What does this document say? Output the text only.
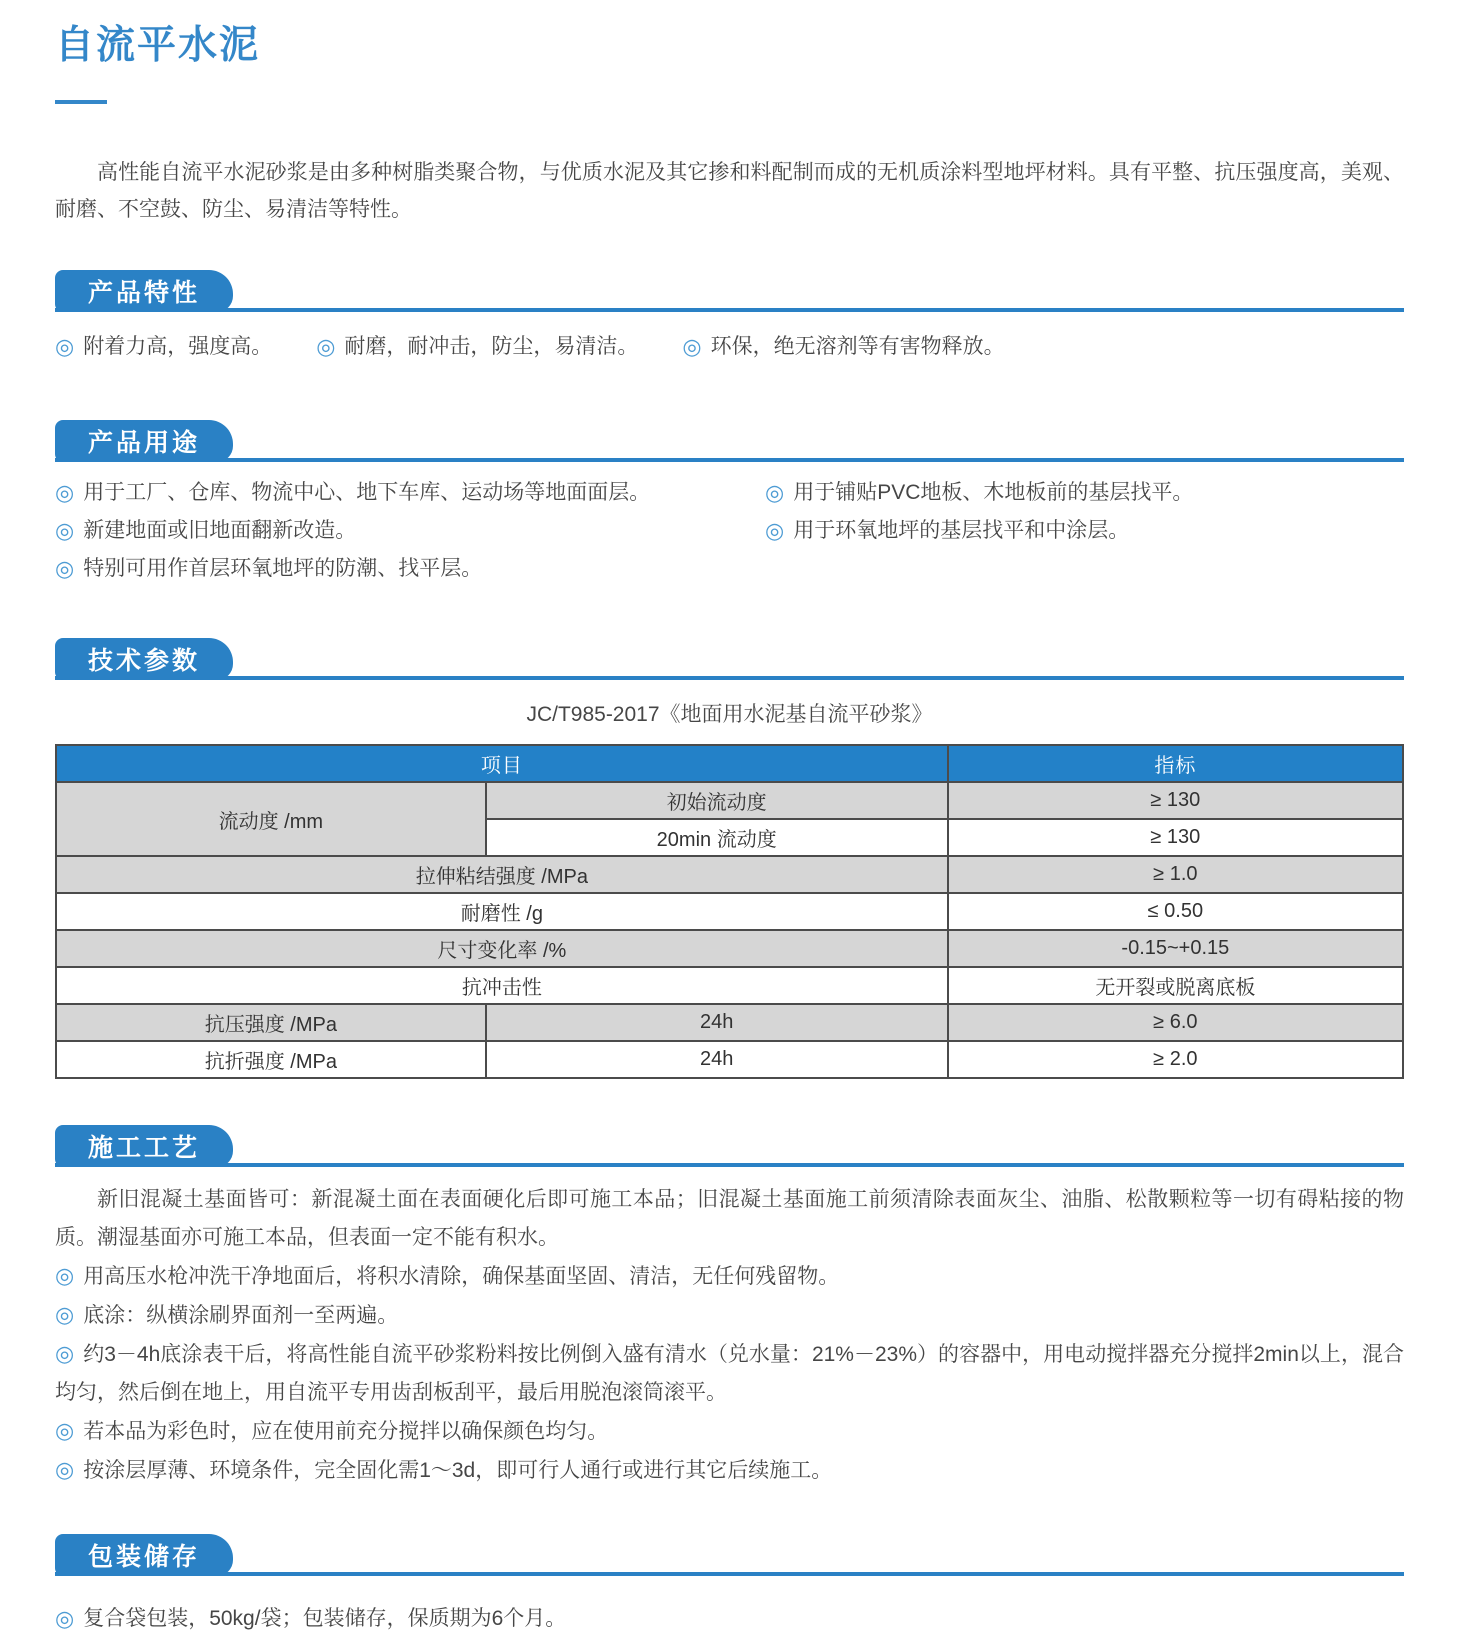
自流平水泥

高性能自流平水泥砂浆是由多种树脂类聚合物，与优质水泥及其它掺和料配制而成的无机质涂料型地坪材料。具有平整、抗压强度高，美观、耐磨、不空鼓、防尘、易清洁等特性。

产品特性
◎ 附着力高，强度高。 ◎ 耐磨，耐冲击，防尘，易清洁。 ◎ 环保，绝无溶剂等有害物释放。
产品用途
◎ 用于工厂、仓库、物流中心、地下车库、运动场等地面面层。
◎ 新建地面或旧地面翻新改造。
◎ 特别可用作首层环氧地坪的防潮、找平层。
◎ 用于铺贴PVC地板、木地板前的基层找平。
◎ 用于环氧地坪的基层找平和中涂层。
技术参数
JC/T985-2017《地面用水泥基自流平砂浆》
项目		指标
流动度 /mm	初始流动度	≥ 130
	20min 流动度	≥ 130
拉伸粘结强度 /MPa		≥ 1.0
耐磨性 /g		≤ 0.50
尺寸变化率 /%		-0.15~+0.15
抗冲击性		无开裂或脱离底板
抗压强度 /MPa	24h	≥ 6.0
抗折强度 /MPa	24h	≥ 2.0
施工工艺

新旧混凝土基面皆可：新混凝土面在表面硬化后即可施工本品；旧混凝土基面施工前须清除表面灰尘、油脂、松散颗粒等一切有碍粘接的物质。潮湿基面亦可施工本品，但表面一定不能有积水。

◎ 用高压水枪冲洗干净地面后，将积水清除，确保基面坚固、清洁，无任何残留物。

◎ 底涂：纵横涂刷界面剂一至两遍。

◎ 约3－4h底涂表干后，将高性能自流平砂浆粉料按比例倒入盛有清水（兑水量：21%－23%）的容器中，用电动搅拌器充分搅拌2min以上，混合均匀，然后倒在地上，用自流平专用齿刮板刮平，最后用脱泡滚筒滚平。

◎ 若本品为彩色时，应在使用前充分搅拌以确保颜色均匀。

◎ 按涂层厚薄、环境条件，完全固化需1～3d，即可行人通行或进行其它后续施工。

包装储存
◎ 复合袋包装，50kg/袋；包装储存，保质期为6个月。
